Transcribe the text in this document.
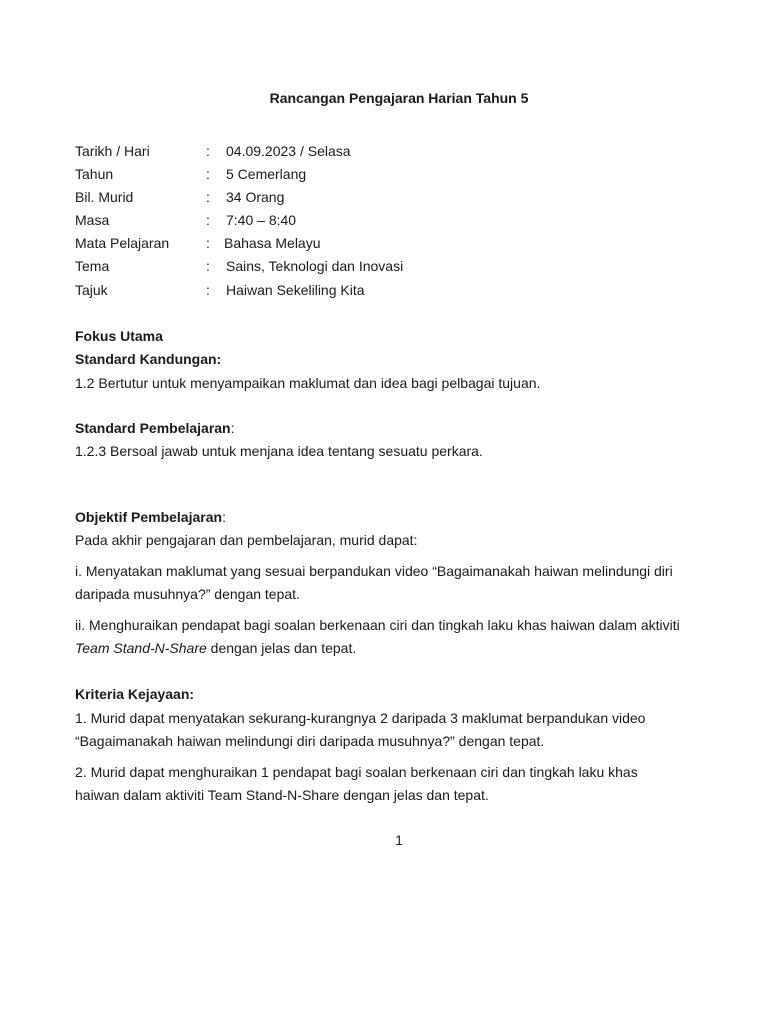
Rancangan Pengajaran Harian Tahun 5
Tarikh / Hari	: 04.09.2023 / Selasa
Tahun	: 5 Cemerlang
Bil. Murid	: 34 Orang
Masa	: 7:40 – 8:40
Mata Pelajaran	: Bahasa Melayu
Tema	: Sains, Teknologi dan Inovasi
Tajuk	: Haiwan Sekeliling Kita
Fokus Utama
Standard Kandungan:
1.2 Bertutur untuk menyampaikan maklumat dan idea bagi pelbagai tujuan.
Standard Pembelajaran:
1.2.3 Bersoal jawab untuk menjana idea tentang sesuatu perkara.
Objektif Pembelajaran:
Pada akhir pengajaran dan pembelajaran, murid dapat:
i. Menyatakan maklumat yang sesuai berpandukan video “Bagaimanakah haiwan melindungi diri
daripada musuhnya?” dengan tepat.
ii. Menghuraikan pendapat bagi soalan berkenaan ciri dan tingkah laku khas haiwan dalam aktiviti
Team Stand-N-Share dengan jelas dan tepat.
Kriteria Kejayaan:
1. Murid dapat menyatakan sekurang-kurangnya 2 daripada 3 maklumat berpandukan video
“Bagaimanakah haiwan melindungi diri daripada musuhnya?” dengan tepat.
2. Murid dapat menghuraikan 1 pendapat bagi soalan berkenaan ciri dan tingkah laku khas
haiwan dalam aktiviti Team Stand-N-Share dengan jelas dan tepat.
1
